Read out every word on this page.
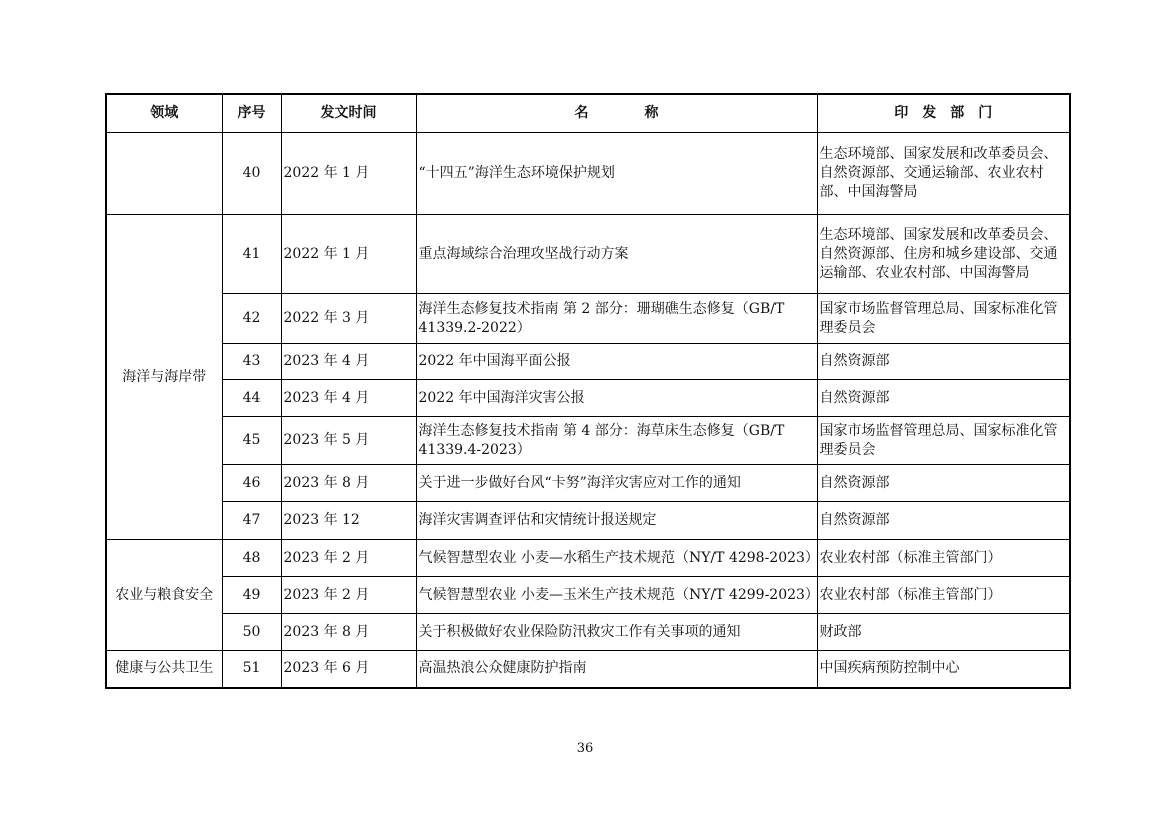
领域	序号	发文时间	名　　　　称	印　发　部　门
	40	2022 年 1 月	“十四五”海洋生态环境保护规划	生态环境部、国家发展和改革委员会、自然资源部、交通运输部、农业农村部、中国海警局
海洋与海岸带	41	2022 年 1 月	重点海域综合治理攻坚战行动方案	生态环境部、国家发展和改革委员会、自然资源部、住房和城乡建设部、交通运输部、农业农村部、中国海警局
	42	2022 年 3 月	海洋生态修复技术指南 第 2 部分：珊瑚礁生态修复（GB/T 41339.2-2022）	国家市场监督管理总局、国家标准化管理委员会
	43	2023 年 4 月	2022 年中国海平面公报	自然资源部
	44	2023 年 4 月	2022 年中国海洋灾害公报	自然资源部
	45	2023 年 5 月	海洋生态修复技术指南 第 4 部分：海草床生态修复（GB/T 41339.4-2023）	国家市场监督管理总局、国家标准化管理委员会
	46	2023 年 8 月	关于进一步做好台风“卡努”海洋灾害应对工作的通知	自然资源部
	47	2023 年 12	海洋灾害调查评估和灾情统计报送规定	自然资源部
农业与粮食安全	48	2023 年 2 月	气候智慧型农业 小麦—水稻生产技术规范（NY/T 4298-2023）	农业农村部（标准主管部门）
	49	2023 年 2 月	气候智慧型农业 小麦—玉米生产技术规范（NY/T 4299-2023）	农业农村部（标准主管部门）
	50	2023 年 8 月	关于积极做好农业保险防汛救灾工作有关事项的通知	财政部
健康与公共卫生	51	2023 年 6 月	高温热浪公众健康防护指南	中国疾病预防控制中心
36
